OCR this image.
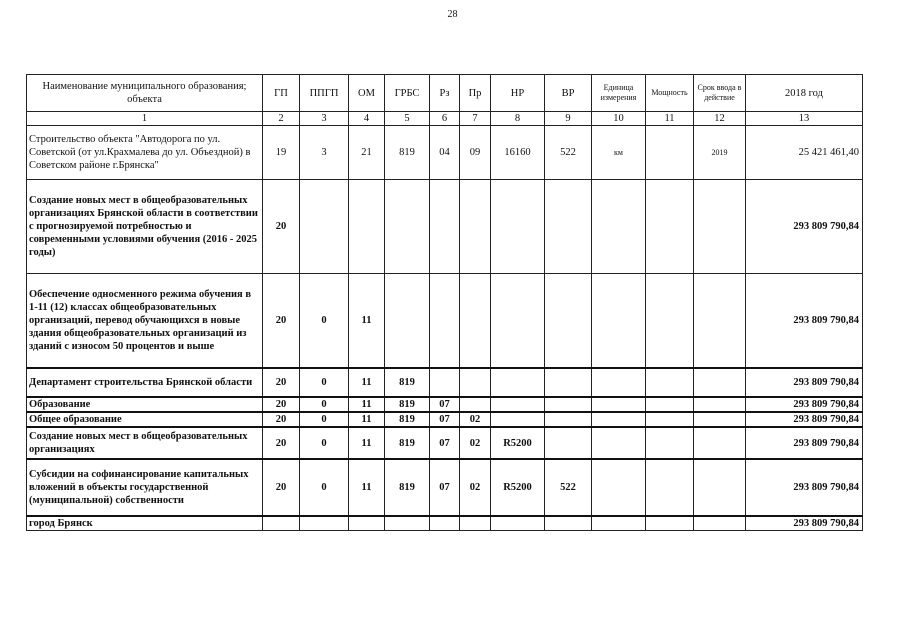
28
Наименование муниципального образования; объекта	ГП	ППГП	ОМ	ГРБС	Рз	Пр	НР	ВР	Единица измерения	Мощность	Срок ввода в действие	2018 год
1	2	3	4	5	6	7	8	9	10	11	12	13
Строительство объекта "Автодорога по ул. Советской (от ул.Крахмалева до ул. Объездной) в Советском районе г.Брянска"	19	3	21	819	04	09	16160	522	км		2019	25 421 461,40
Создание новых мест в общеобразовательных организациях Брянской области в соответствии с прогнозируемой потребностью и современными условиями обучения (2016 - 2025 годы)	20											293 809 790,84
Обеспечение односменного режима обучения в 1-11 (12) классах общеобразовательных организаций, перевод обучающихся в новые здания общеобразовательных организаций из зданий с износом 50 процентов и выше	20	0	11									293 809 790,84
Департамент строительства Брянской области	20	0	11	819								293 809 790,84
Образование	20	0	11	819	07							293 809 790,84
Общее образование	20	0	11	819	07	02						293 809 790,84
Создание новых мест в общеобразовательных организациях	20	0	11	819	07	02	R5200					293 809 790,84
Субсидии на софинансирование капитальных вложений в объекты государственной (муниципальной) собственности	20	0	11	819	07	02	R5200	522				293 809 790,84
город Брянск												293 809 790,84
